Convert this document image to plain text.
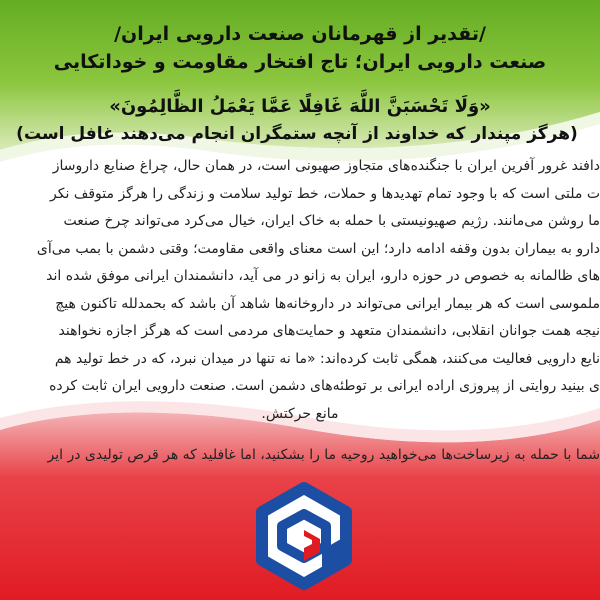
/تقدیر از قهرمانان صنعت دارویی ایران/
صنعت دارویی ایران؛ تاج افتخار مقاومت و خوداتکایی
«وَلَا تَحْسَبَنَّ اللَّهَ غَافِلًا عَمَّا يَعْمَلُ الظَّالِمُونَ»
(هرگز مپندار که خداوند از آنچه ستمگران انجام می‌دهند غافل است)
دافند غرور آفرین ایران با جنگنده‌های متجاوز صهیونی است، در همان حال، چراغ صنایع داروساز
ت ملتی است که با وجود تمام تهدیدها و حملات، خط تولید سلامت و زندگی را هرگز متوقف نکر
ما روشن می‌مانند. رژیم صهیونیستی با حمله به خاک ایران، خیال می‌کرد می‌تواند چرخ صنعت
دارو به بیماران بدون وقفه ادامه دارد؛ این است معنای واقعی مقاومت؛ وقتی دشمن با بمب می‌آی
های ظالمانه به خصوص در حوزه دارو، ایران به زانو در می آید، دانشمندان ایرانی موفق شده اند
ملموسی است که هر بیمار ایرانی می‌تواند در داروخانه‌ها شاهد آن باشد که بحمدلله تاکنون هیچ
نیجه همت جوانان انقلابی، دانشمندان متعهد و حمایت‌های مردمی است که هرگز اجازه نخواهند
نایع دارویی فعالیت می‌کنند، همگی ثابت کرده‌اند: «ما نه تنها در میدان نبرد، که در خط تولید هم
ی بینید روایتی از پیروزی اراده ایرانی بر توطئه‌های دشمن است. صنعت دارویی ایران ثابت کرده
مانع حرکتش.
شما با حمله به زیرساخت‌ها می‌خواهید روحیه ما را بشکنید، اما غافلید که هر قرص تولیدی در ایر
